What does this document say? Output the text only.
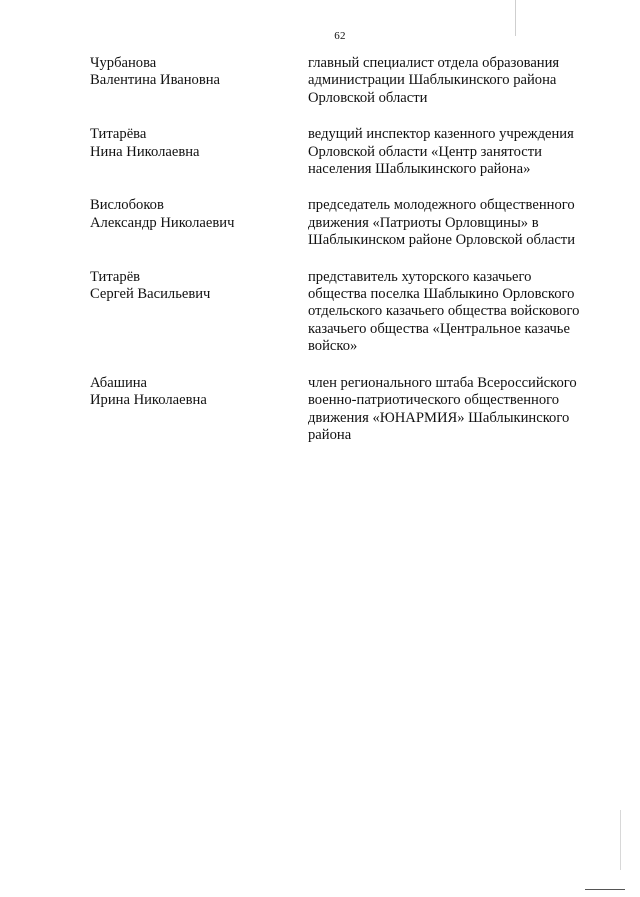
62
Чурбанова
Валентина Ивановна
главный специалист отдела образования
администрации Шаблыкинского района
Орловской области
Титарёва
Нина Николаевна
ведущий инспектор казенного учреждения
Орловской области «Центр занятости
населения Шаблыкинского района»
Вислобоков
Александр Николаевич
председатель молодежного общественного
движения «Патриоты Орловщины» в
Шаблыкинском районе Орловской области
Титарёв
Сергей Васильевич
представитель хуторского казачьего
общества поселка Шаблыкино Орловского
отдельского казачьего общества войскового
казачьего общества «Центральное казачье
войско»
Абашина
Ирина Николаевна
член регионального штаба Всероссийского
военно-патриотического общественного
движения «ЮНАРМИЯ» Шаблыкинского
района
